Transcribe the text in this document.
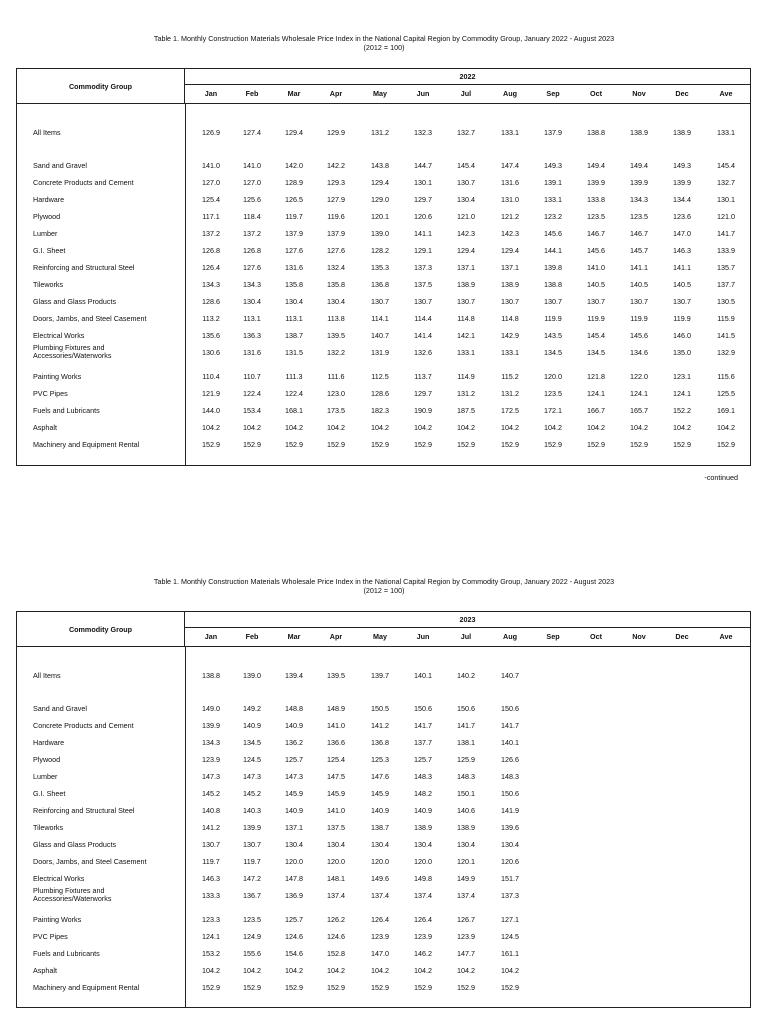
Table 1. Monthly Construction Materials Wholesale Price Index in the National Capital Region by Commodity Group, January 2022 - August 2023
(2012 = 100)
Commodity Group
2022
Jan	Feb	Mar	Apr	May	Jun	Jul	Aug	Sep	Oct	Nov	Dec	Ave
All Items	126.9	127.4	129.4	129.9	131.2	132.3	132.7	133.1	137.9	138.8	138.9	138.9	133.1
Sand and Gravel	141.0	141.0	142.0	142.2	143.8	144.7	145.4	147.4	149.3	149.4	149.4	149.3	145.4
Concrete Products and Cement	127.0	127.0	128.9	129.3	129.4	130.1	130.7	131.6	139.1	139.9	139.9	139.9	132.7
Hardware	125.4	125.6	126.5	127.9	129.0	129.7	130.4	131.0	133.1	133.8	134.3	134.4	130.1
Plywood	117.1	118.4	119.7	119.6	120.1	120.6	121.0	121.2	123.2	123.5	123.5	123.6	121.0
Lumber	137.2	137.2	137.9	137.9	139.0	141.1	142.3	142.3	145.6	146.7	146.7	147.0	141.7
G.I. Sheet	126.8	126.8	127.6	127.6	128.2	129.1	129.4	129.4	144.1	145.6	145.7	146.3	133.9
Reinforcing and Structural Steel	126.4	127.6	131.6	132.4	135.3	137.3	137.1	137.1	139.8	141.0	141.1	141.1	135.7
Tileworks	134.3	134.3	135.8	135.8	136.8	137.5	138.9	138.9	138.8	140.5	140.5	140.5	137.7
Glass and Glass Products	128.6	130.4	130.4	130.4	130.7	130.7	130.7	130.7	130.7	130.7	130.7	130.7	130.5
Doors, Jambs, and Steel Casement	113.2	113.1	113.1	113.8	114.1	114.4	114.8	114.8	119.9	119.9	119.9	119.9	115.9
Electrical Works	135.6	136.3	138.7	139.5	140.7	141.4	142.1	142.9	143.5	145.4	145.6	146.0	141.5
Plumbing Fixtures and
Accessories/Waterworks	130.6	131.6	131.5	132.2	131.9	132.6	133.1	133.1	134.5	134.5	134.6	135.0	132.9
Painting Works	110.4	110.7	111.3	111.6	112.5	113.7	114.9	115.2	120.0	121.8	122.0	123.1	115.6
PVC Pipes	121.9	122.4	122.4	123.0	128.6	129.7	131.2	131.2	123.5	124.1	124.1	124.1	125.5
Fuels and Lubricants	144.0	153.4	168.1	173.5	182.3	190.9	187.5	172.5	172.1	166.7	165.7	152.2	169.1
Asphalt	104.2	104.2	104.2	104.2	104.2	104.2	104.2	104.2	104.2	104.2	104.2	104.2	104.2
Machinery and Equipment Rental	152.9	152.9	152.9	152.9	152.9	152.9	152.9	152.9	152.9	152.9	152.9	152.9	152.9
-continued
Table 1. Monthly Construction Materials Wholesale Price Index in the National Capital Region by Commodity Group, January 2022 - August 2023
(2012 = 100)
Commodity Group
2023
Jan	Feb	Mar	Apr	May	Jun	Jul	Aug	Sep	Oct	Nov	Dec	Ave
All Items	138.8	139.0	139.4	139.5	139.7	140.1	140.2	140.7
Sand and Gravel	149.0	149.2	148.8	148.9	150.5	150.6	150.6	150.6
Concrete Products and Cement	139.9	140.9	140.9	141.0	141.2	141.7	141.7	141.7
Hardware	134.3	134.5	136.2	136.6	136.8	137.7	138.1	140.1
Plywood	123.9	124.5	125.7	125.4	125.3	125.7	125.9	126.6
Lumber	147.3	147.3	147.3	147.5	147.6	148.3	148.3	148.3
G.I. Sheet	145.2	145.2	145.9	145.9	145.9	148.2	150.1	150.6
Reinforcing and Structural Steel	140.8	140.3	140.9	141.0	140.9	140.9	140.6	141.9
Tileworks	141.2	139.9	137.1	137.5	138.7	138.9	138.9	139.6
Glass and Glass Products	130.7	130.7	130.4	130.4	130.4	130.4	130.4	130.4
Doors, Jambs, and Steel Casement	119.7	119.7	120.0	120.0	120.0	120.0	120.1	120.6
Electrical Works	146.3	147.2	147.8	148.1	149.6	149.8	149.9	151.7
Plumbing Fixtures and
Accessories/Waterworks	133.3	136.7	136.9	137.4	137.4	137.4	137.4	137.3
Painting Works	123.3	123.5	125.7	126.2	126.4	126.4	126.7	127.1
PVC Pipes	124.1	124.9	124.6	124.6	123.9	123.9	123.9	124.5
Fuels and Lubricants	153.2	155.6	154.6	152.8	147.0	146.2	147.7	161.1
Asphalt	104.2	104.2	104.2	104.2	104.2	104.2	104.2	104.2
Machinery and Equipment Rental	152.9	152.9	152.9	152.9	152.9	152.9	152.9	152.9
